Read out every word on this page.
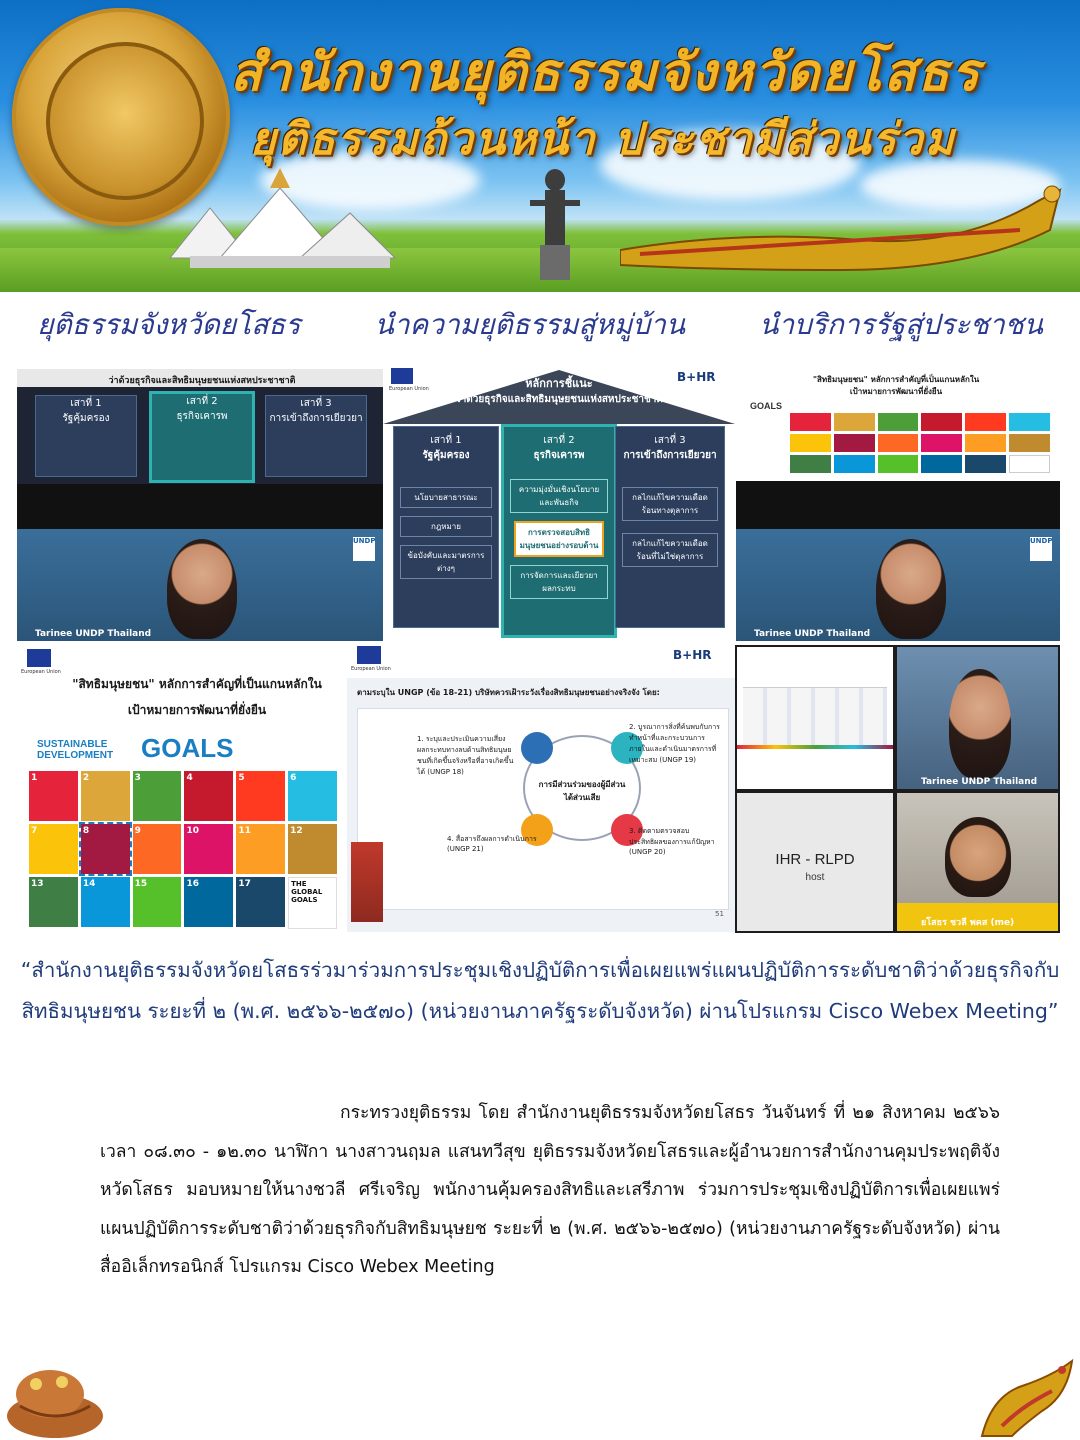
สำนักงานยุติธรรมจังหวัดยโสธร
ยุติธรรมถ้วนหน้า ประชามีส่วนร่วม
ยุติธรรมจังหวัดยโสธร	นำความยุติธรรมสู่หมู่บ้าน	นำบริการรัฐสู่ประชาชน
ว่าด้วยธุรกิจและสิทธิมนุษยชนแห่งสหประชาชาติ
เสาที่ 1
รัฐคุ้มครอง
เสาที่ 2
ธุรกิจเคารพ
เสาที่ 3
การเข้าถึงการเยียวยา
UNDP
Tarinee UNDP Thailand
European Union
B+HR
หลักการชี้แนะ
ว่าด้วยธุรกิจและสิทธิมนุษยชนแห่งสหประชาชาติ
เสาที่ 1
รัฐคุ้มครอง
นโยบายสาธารณะ
กฎหมาย
ข้อบังคับและมาตรการต่างๆ
เสาที่ 2
ธุรกิจเคารพ
ความมุ่งมั่นเชิงนโยบายและพันธกิจ
การตรวจสอบสิทธิมนุษยชนอย่างรอบด้าน
การจัดการและเยียวยาผลกระทบ
เสาที่ 3
การเข้าถึงการเยียวยา
กลไกแก้ไขความเดือดร้อนทางตุลาการ
กลไกแก้ไขความเดือดร้อนที่ไม่ใช่ตุลาการ
"สิทธิมนุษยชน" หลักการสำคัญที่เป็นแกนหลักใน
เป้าหมายการพัฒนาที่ยั่งยืน
GOALS
UNDP
Tarinee UNDP Thailand
European Union
"สิทธิมนุษยชน" หลักการสำคัญที่เป็นแกนหลักใน
เป้าหมายการพัฒนาที่ยั่งยืน
SUSTAINABLE
DEVELOPMENT GOALS
1	2	3	4	5	6
7	8	9	10	11	12
13	14	15	16	17	THE GLOBAL GOALS
European Union
B+HR
ตามระบุใน UNGP (ข้อ 18-21) บริษัทควรเฝ้าระวังเรื่องสิทธิมนุษยชนอย่างจริงจัง โดย:
การมีส่วนร่วมของผู้มีส่วนได้ส่วนเสีย
1. ระบุและประเมินความเสี่ยงผลกระทบทางลบด้านสิทธิมนุษยชนที่เกิดขึ้นจริงหรือที่อาจเกิดขึ้นได้ (UNGP 18)
2. บูรณาการสิ่งที่ค้นพบกับการทำหน้าที่และกระบวนการภายในและดำเนินมาตรการที่เหมาะสม (UNGP 19)
3. ติดตามตรวจสอบประสิทธิผลของการแก้ปัญหา (UNGP 20)
4. สื่อสารถึงผลการดำเนินการ (UNGP 21)
51
Tarinee UNDP Thailand
IHR - RLPD
host
ยโสธร ชวลี พคส (me)
“สำนักงานยุติธรรมจังหวัดยโสธรร่วมาร่วมการประชุมเชิงปฏิบัติการเพื่อเผยแพร่แผนปฏิบัติการระดับชาติว่าด้วยธุรกิจกับสิทธิมนุษยชน ระยะที่ ๒ (พ.ศ. ๒๕๖๖-๒๕๗๐) (หน่วยงานภาครัฐระดับจังหวัด) ผ่านโปรแกรม Cisco Webex Meeting”
กระทรวงยุติธรรม โดย สำนักงานยุติธรรมจังหวัดยโสธร วันจันทร์ ที่ ๒๑ สิงหาคม ๒๕๖๖ เวลา ๐๘.๓๐ - ๑๒.๓๐ นาฬิกา นางสาวนฤมล แสนทวีสุข ยุติธรรมจังหวัดยโสธรและผู้อำนวยการสำนักงานคุมประพฤติจังหวัดโสธร มอบหมายให้นางชวลี ศรีเจริญ พนักงานคุ้มครองสิทธิและเสรีภาพ ร่วมการประชุมเชิงปฏิบัติการเพื่อเผยแพร่แผนปฏิบัติการระดับชาติว่าด้วยธุรกิจกับสิทธิมนุษยช ระยะที่ ๒ (พ.ศ. ๒๕๖๖-๒๕๗๐) (หน่วยงานภาครัฐระดับจังหวัด) ผ่านสื่ออิเล็กทรอนิกส์ โปรแกรม Cisco Webex Meeting
